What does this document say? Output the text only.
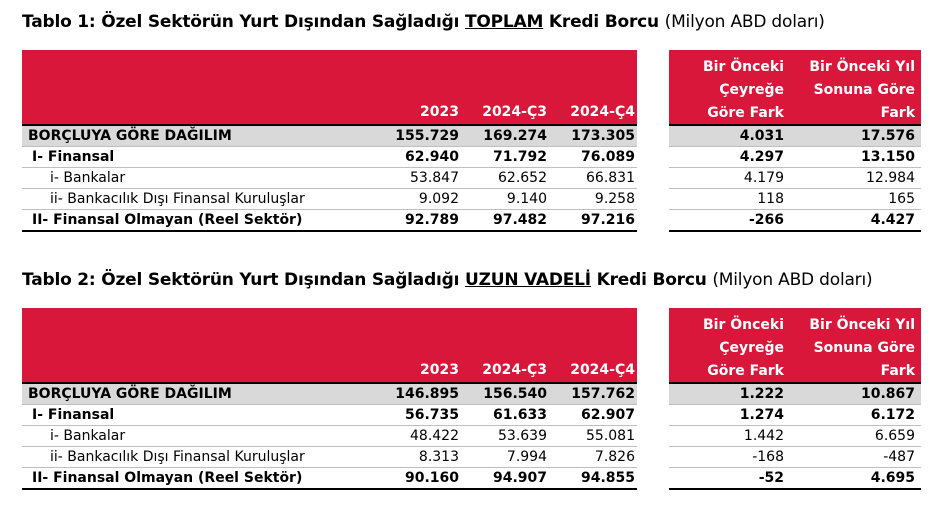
Tablo 1: Özel Sektörün Yurt Dışından Sağladığı TOPLAM Kredi Borcu (Milyon ABD doları)
2023	2024-Ç3	2024-Ç4
Bir Önceki
Çeyreğe
Göre Fark
Bir Önceki Yıl
Sonuna Göre
Fark
BORÇLUYA GÖRE DAĞILIM	155.729	169.274	173.305	4.031	17.576
I- Finansal	62.940	71.792	76.089	4.297	13.150
i- Bankalar	53.847	62.652	66.831	4.179	12.984
ii- Bankacılık Dışı Finansal Kuruluşlar	9.092	9.140	9.258	118	165
II- Finansal Olmayan (Reel Sektör)	92.789	97.482	97.216	-266	4.427
Tablo 2: Özel Sektörün Yurt Dışından Sağladığı UZUN VADELİ Kredi Borcu (Milyon ABD doları)
2023	2024-Ç3	2024-Ç4
Bir Önceki
Çeyreğe
Göre Fark
Bir Önceki Yıl
Sonuna Göre
Fark
BORÇLUYA GÖRE DAĞILIM	146.895	156.540	157.762	1.222	10.867
I- Finansal	56.735	61.633	62.907	1.274	6.172
i- Bankalar	48.422	53.639	55.081	1.442	6.659
ii- Bankacılık Dışı Finansal Kuruluşlar	8.313	7.994	7.826	-168	-487
II- Finansal Olmayan (Reel Sektör)	90.160	94.907	94.855	-52	4.695
